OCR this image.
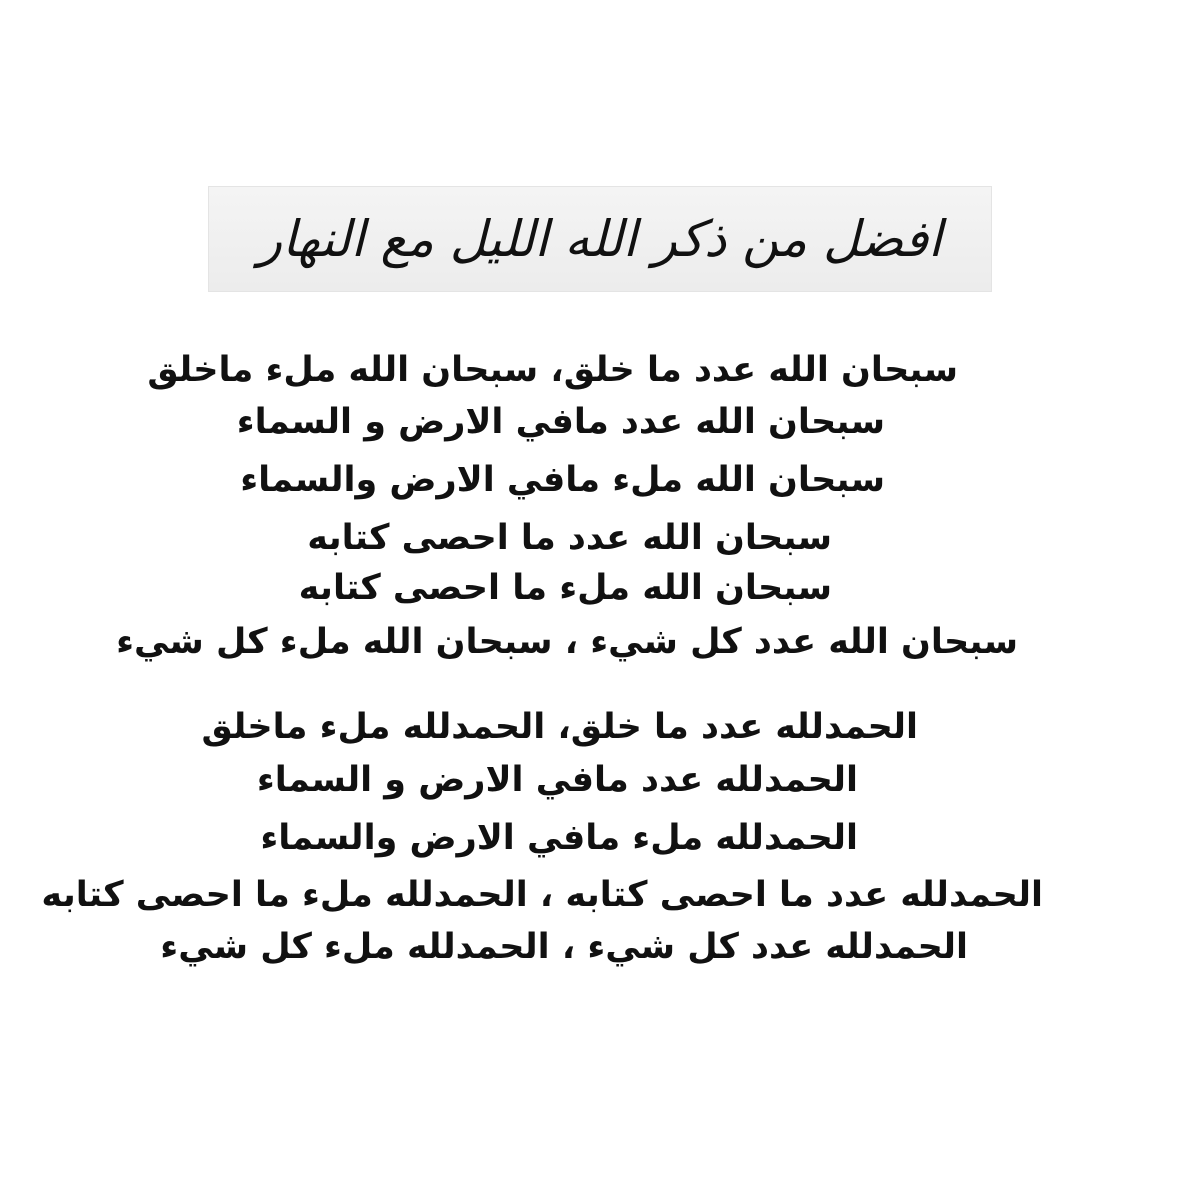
افضل من ذكر الله الليل مع النهار
سبحان الله عدد ما خلق، سبحان الله ملء ماخلق
سبحان الله عدد مافي الارض و السماء
سبحان الله ملء مافي الارض والسماء
سبحان الله عدد ما احصى كتابه
سبحان الله ملء ما احصى كتابه
سبحان الله عدد كل شيء ، سبحان الله ملء كل شيء
الحمدلله عدد ما خلق، الحمدلله ملء ماخلق
الحمدلله عدد مافي الارض و السماء
الحمدلله ملء مافي الارض والسماء
الحمدلله عدد ما احصى كتابه ، الحمدلله ملء ما احصى كتابه
الحمدلله عدد كل شيء ، الحمدلله ملء كل شيء
